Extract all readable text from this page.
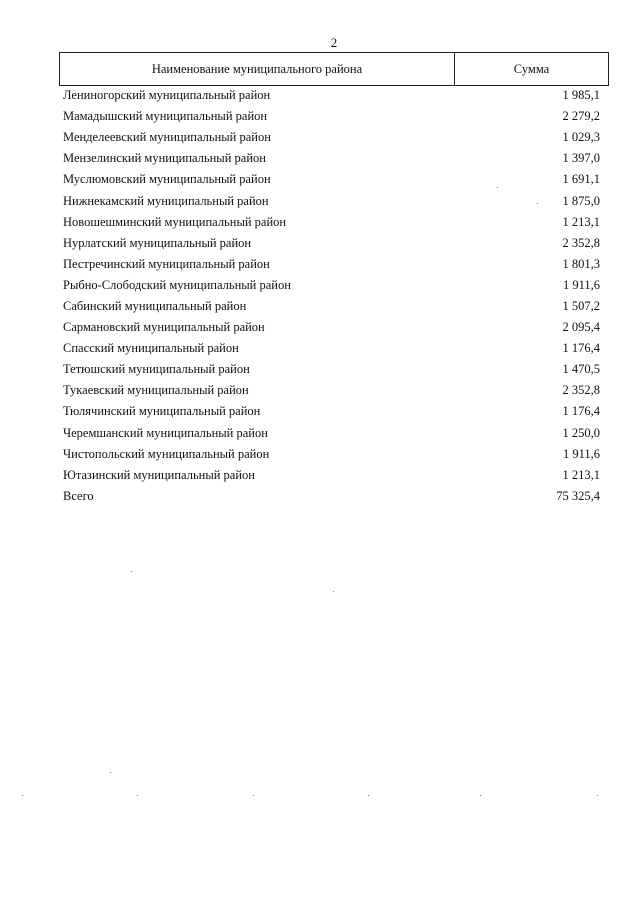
2
Наименование муниципального района	Сумма
Лениногорский муниципальный район	1 985,1
Мамадышский муниципальный район	2 279,2
Менделеевский муниципальный район	1 029,3
Мензелинский муниципальный район	1 397,0
Муслюмовский муниципальный район	1 691,1
Нижнекамский муниципальный район	1 875,0
Новошешминский муниципальный район	1 213,1
Нурлатский муниципальный район	2 352,8
Пестречинский муниципальный район	1 801,3
Рыбно-Слободский муниципальный район	1 911,6
Сабинский муниципальный район	1 507,2
Сармановский муниципальный район	2 095,4
Спасский муниципальный район	1 176,4
Тетюшский муниципальный район	1 470,5
Тукаевский муниципальный район	2 352,8
Тюлячинский муниципальный район	1 176,4
Черемшанский муниципальный район	1 250,0
Чистопольский муниципальный район	1 911,6
Ютазинский муниципальный район	1 213,1
Всего	75 325,4
